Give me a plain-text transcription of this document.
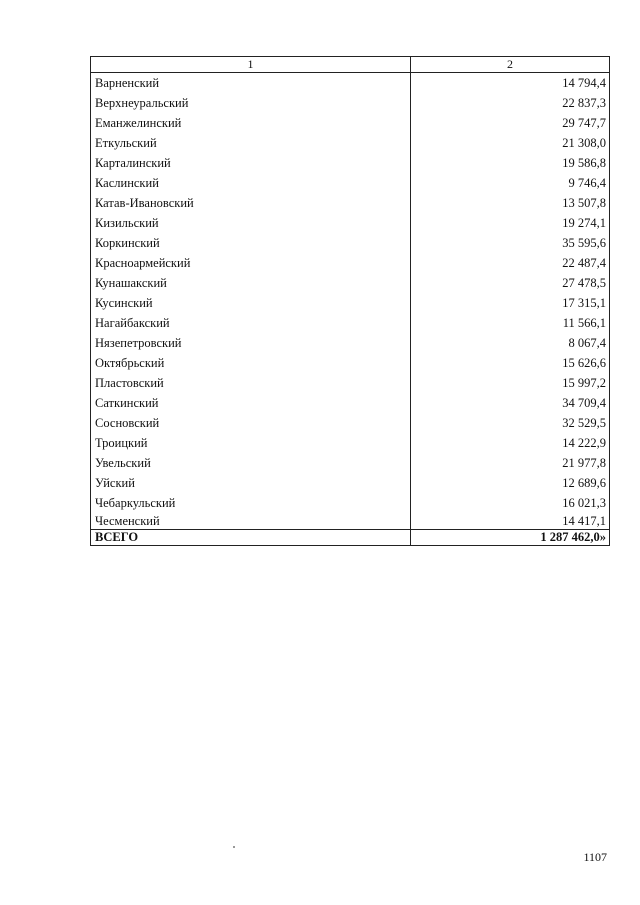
1	2
Варненский	14 794,4
Верхнеуральский	22 837,3
Еманжелинский	29 747,7
Еткульский	21 308,0
Карталинский	19 586,8
Каслинский	9 746,4
Катав-Ивановский	13 507,8
Кизильский	19 274,1
Коркинский	35 595,6
Красноармейский	22 487,4
Кунашакский	27 478,5
Кусинский	17 315,1
Нагайбакский	11 566,1
Нязепетровский	8 067,4
Октябрьский	15 626,6
Пластовский	15 997,2
Саткинский	34 709,4
Сосновский	32 529,5
Троицкий	14 222,9
Увельский	21 977,8
Уйский	12 689,6
Чебаркульский	16 021,3
Чесменский	14 417,1
ВСЕГО	1 287 462,0»
1107
